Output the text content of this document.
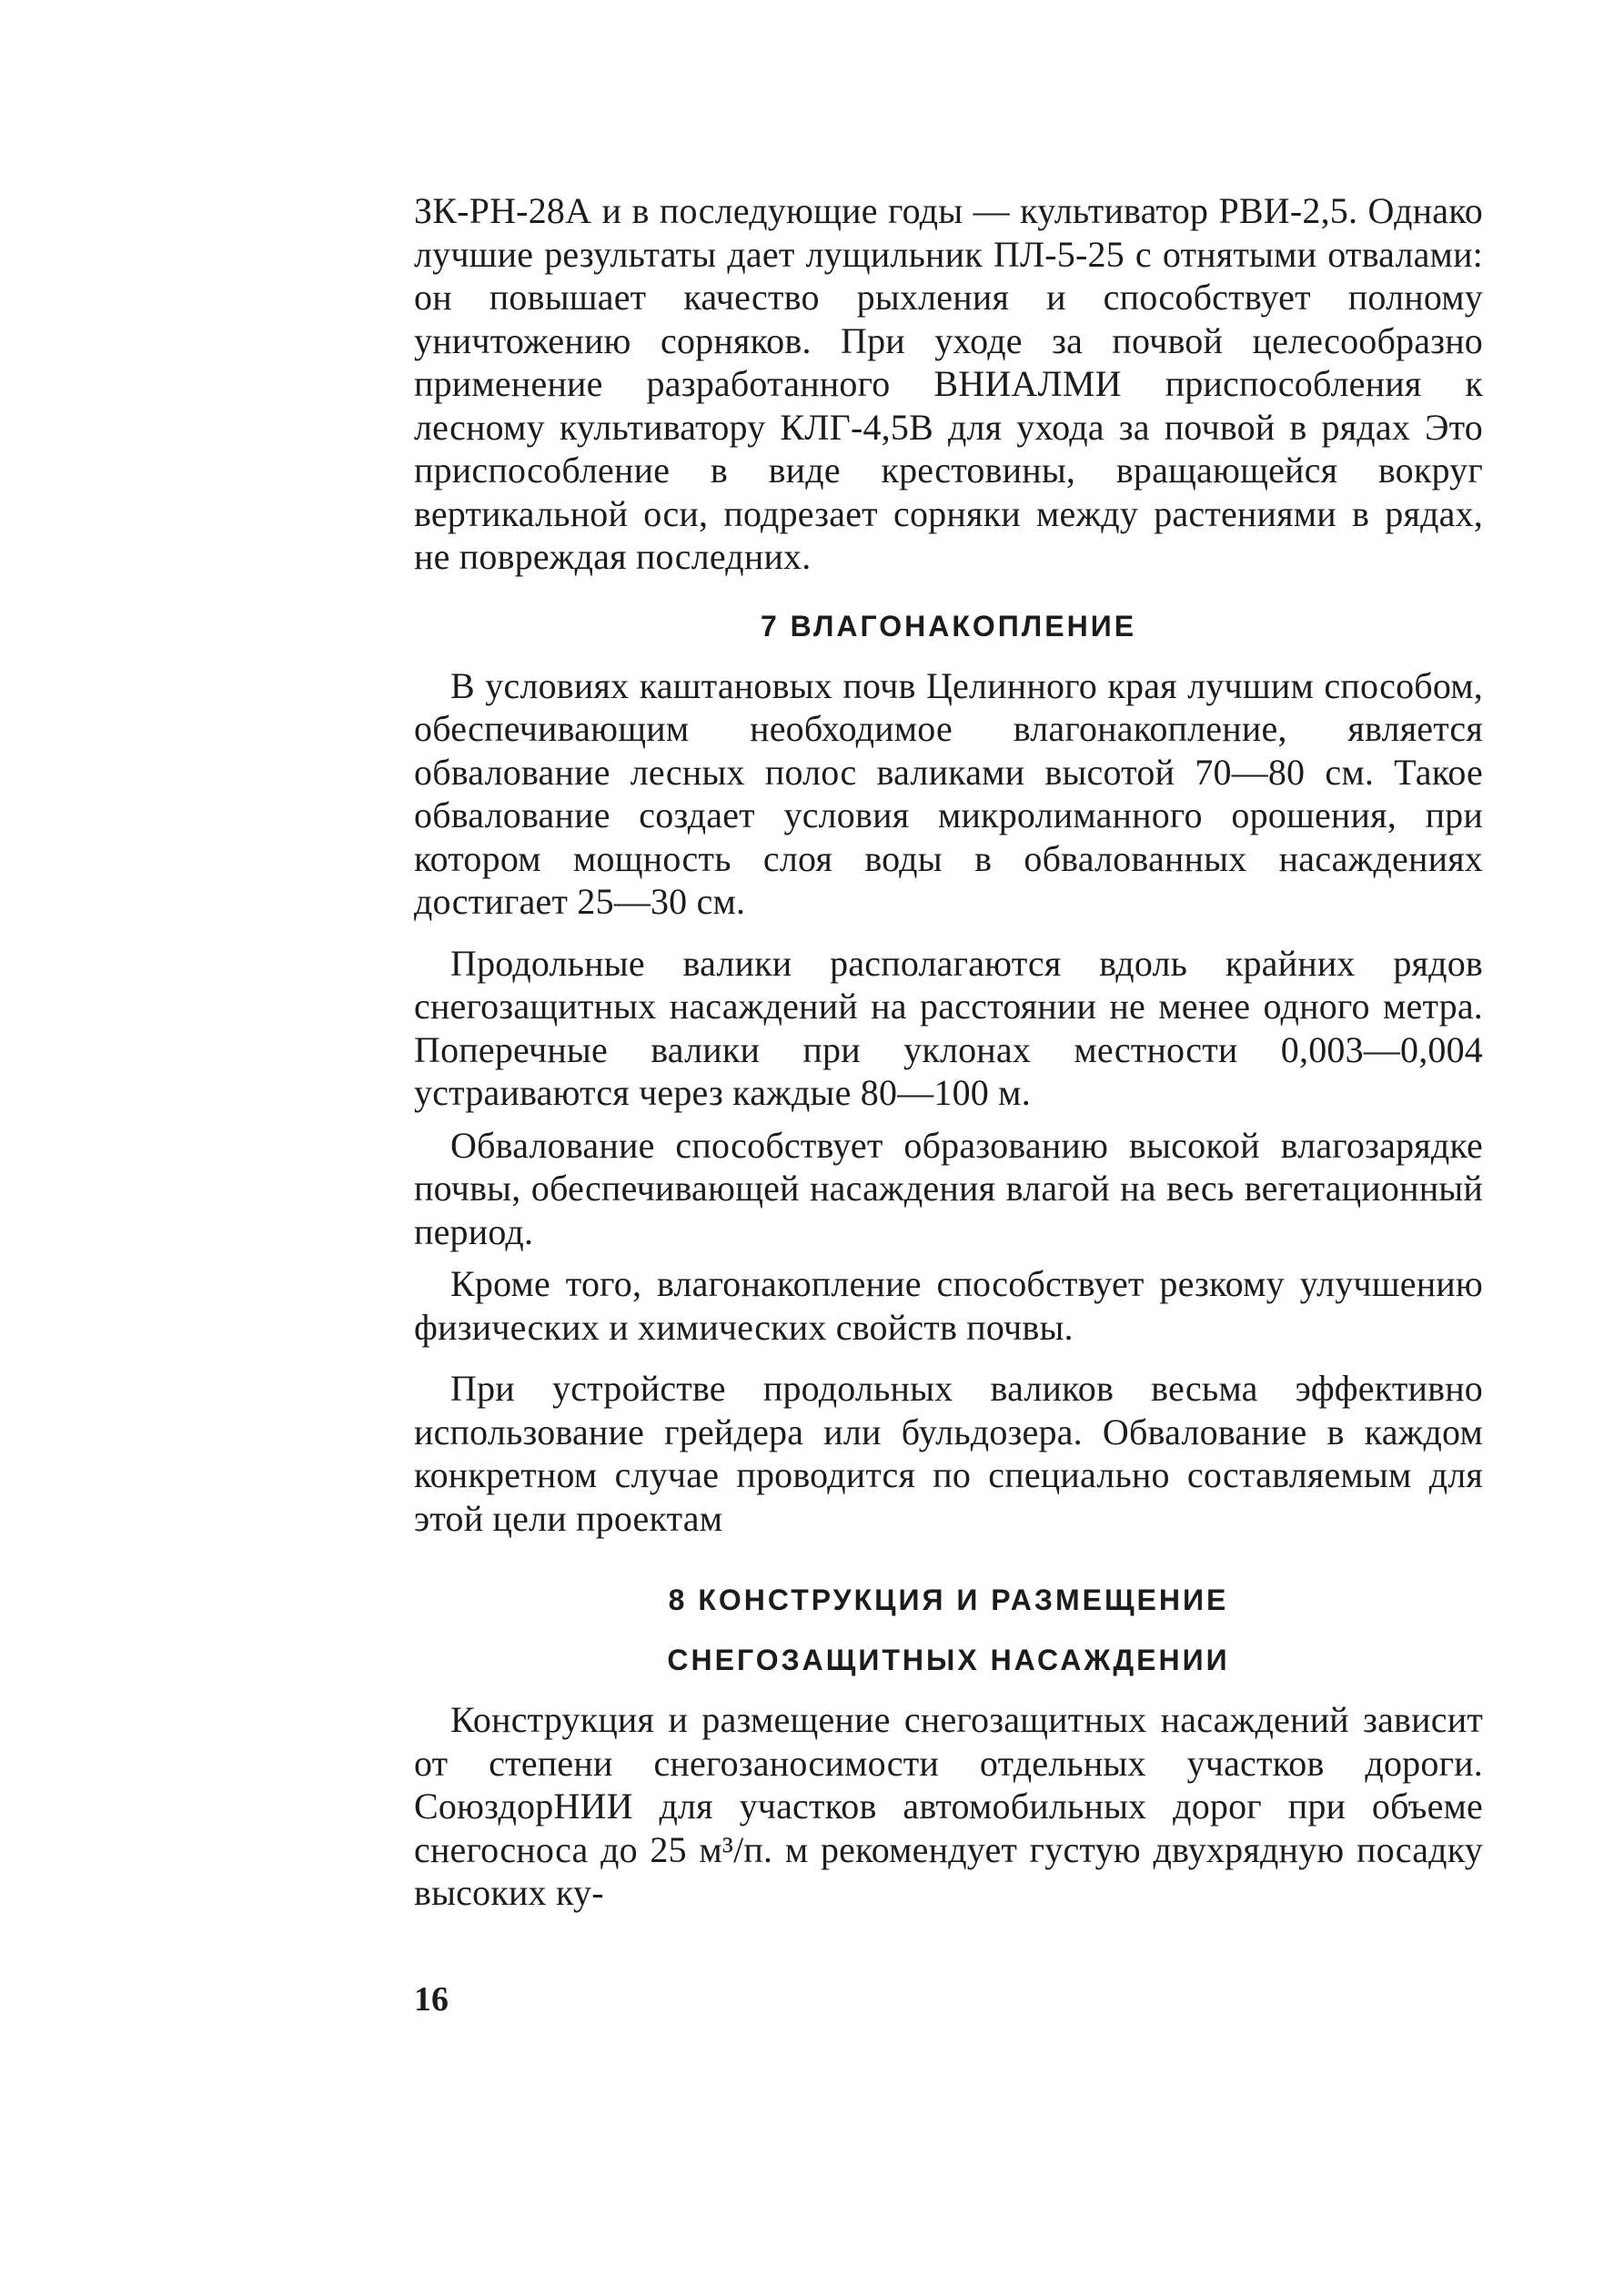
ЗК-РН-28А и в последующие годы — культиватор РВИ-2,5. Однако лучшие результаты дает лущильник ПЛ-5-25 с отнятыми отвалами: он повышает качество рыхления и способствует полному уничтожению сорняков. При уходе за почвой целесообразно применение разработанного ВНИАЛМИ приспособления к лесному культиватору КЛГ-4,5В для ухода за почвой в рядах Это приспособление в виде крестовины, вращающейся вокруг вертикальной оси, подрезает сорняки между растениями в рядах, не повреждая последних.

7 ВЛАГОНАКОПЛЕНИЕ

В условиях каштановых почв Целинного края лучшим способом, обеспечивающим необходимое влагонакопление, является обвалование лесных полос валиками высотой 70—80 см. Такое обвалование создает условия микролиманного орошения, при котором мощность слоя воды в обвалованных насаждениях достигает 25—30 см.

Продольные валики располагаются вдоль крайних рядов снегозащитных насаждений на расстоянии не менее одного метра. Поперечные валики при уклонах местности 0,003—0,004 устраиваются через каждые 80—100 м.

Обвалование способствует образованию высокой влагозарядке почвы, обеспечивающей насаждения влагой на весь вегетационный период.

Кроме того, влагонакопление способствует резкому улучшению физических и химических свойств почвы.

При устройстве продольных валиков весьма эффективно использование грейдера или бульдозера. Обвалование в каждом конкретном случае проводится по специально составляемым для этой цели проектам

8 КОНСТРУКЦИЯ И РАЗМЕЩЕНИЕ
СНЕГОЗАЩИТНЫХ НАСАЖДЕНИИ

Конструкция и размещение снегозащитных насаждений зависит от степени снегозаносимости отдельных участков дороги. СоюздорНИИ для участков автомобильных дорог при объеме снегосноса до 25 м³/п. м рекомендует густую двухрядную посадку высоких ку-

16
